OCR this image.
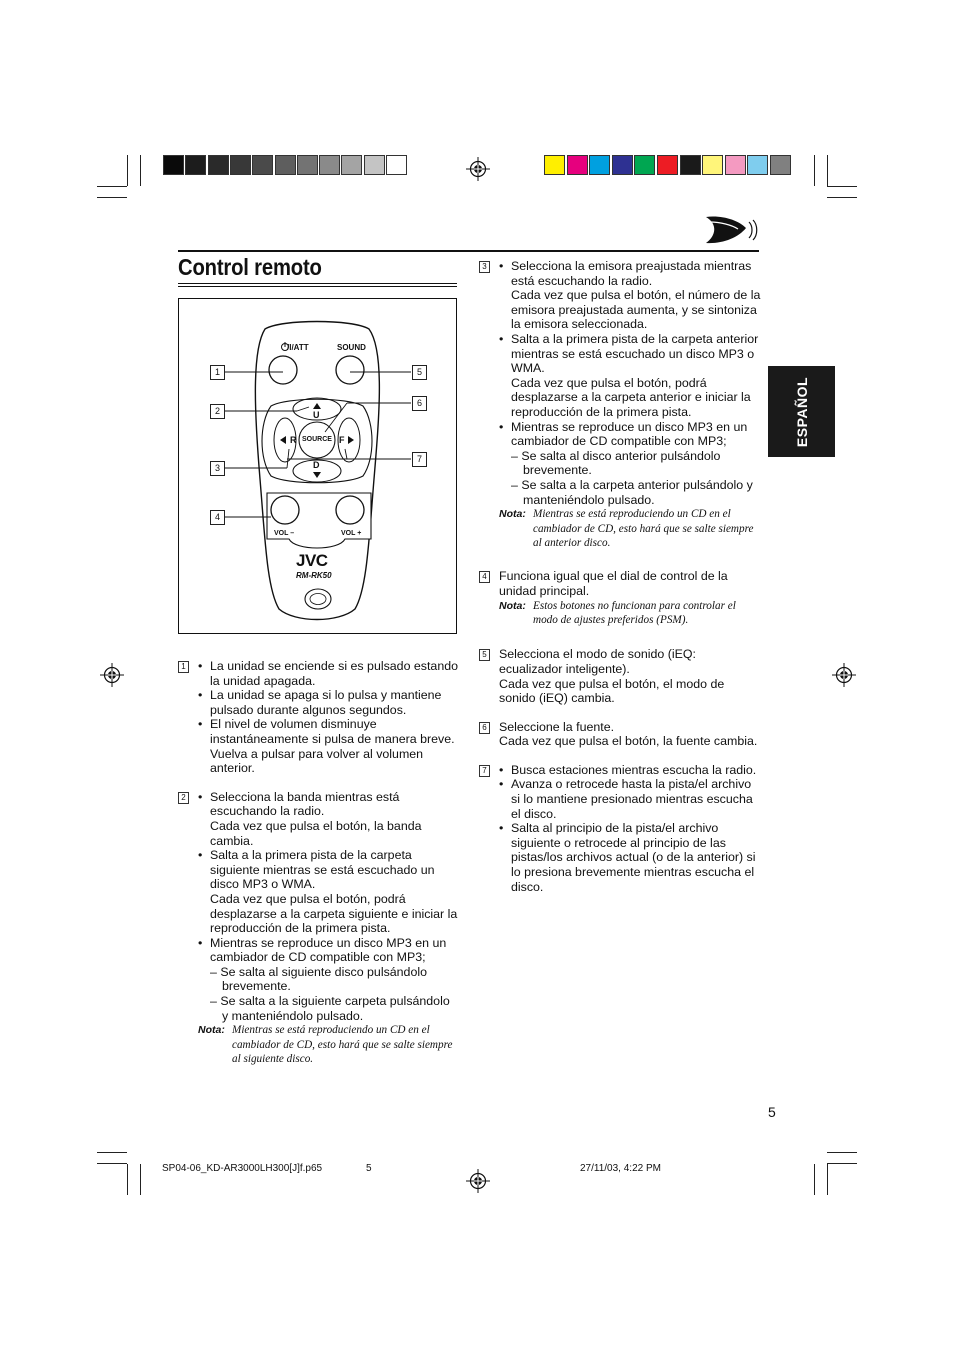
Control remoto
/I/ATT	SOUND
U
D
R	F
SOURCE
VOL –	VOL +
JVC
RM-RK50
1
2
3
4
5
6
7
1	• La unidad se enciende si es pulsado estando la unidad apagada.
• La unidad se apaga si lo pulsa y mantiene pulsado durante algunos segundos.
• El nivel de volumen disminuye instantáneamente si pulsa de manera breve.
Vuelva a pulsar para volver al volumen anterior.
2	• Selecciona la banda mientras está escuchando la radio.
Cada vez que pulsa el botón, la banda cambia.
• Salta a la primera pista de la carpeta siguiente mientras se está escuchado un disco MP3 o WMA.
Cada vez que pulsa el botón, podrá desplazarse a la carpeta siguiente e iniciar la reproducción de la primera pista.
• Mientras se reproduce un disco MP3 en un cambiador de CD compatible con MP3;
– Se salta al siguiente disco pulsándolo brevemente.
– Se salta a la siguiente carpeta pulsándolo y manteniéndolo pulsado.
Nota: Mientras se está reproduciendo un CD en el cambiador de CD, esto hará que se salte siempre al siguiente disco.
3	• Selecciona la emisora preajustada mientras está escuchando la radio.
Cada vez que pulsa el botón, el número de la emisora preajustada aumenta, y se sintoniza la emisora seleccionada.
• Salta a la primera pista de la carpeta anterior mientras se está escuchado un disco MP3 o WMA.
Cada vez que pulsa el botón, podrá desplazarse a la carpeta anterior e iniciar la reproducción de la primera pista.
• Mientras se reproduce un disco MP3 en un cambiador de CD compatible con MP3;
– Se salta al disco anterior pulsándolo brevemente.
– Se salta a la carpeta anterior pulsándolo y manteniéndolo pulsado.
Nota: Mientras se está reproduciendo un CD en el cambiador de CD, esto hará que se salte siempre al anterior disco.
4 Funciona igual que el dial de control de la unidad principal.
Nota: Estos botones no funcionan para controlar el modo de ajustes preferidos (PSM).
5 Selecciona el modo de sonido (iEQ: ecualizador inteligente).
Cada vez que pulsa el botón, el modo de sonido (iEQ) cambia.
6 Seleccione la fuente.
Cada vez que pulsa el botón, la fuente cambia.
7	• Busca estaciones mientras escucha la radio.
• Avanza o retrocede hasta la pista/el archivo si lo mantiene presionado mientras escucha el disco.
• Salta al principio de la pista/el archivo siguiente o retrocede al principio de las pistas/los archivos actual (o de la anterior) si lo presiona brevemente mientras escucha el disco.
ESPAÑOL
5
SP04-06_KD-AR3000LH300[J]f.p65	5	27/11/03, 4:22 PM
